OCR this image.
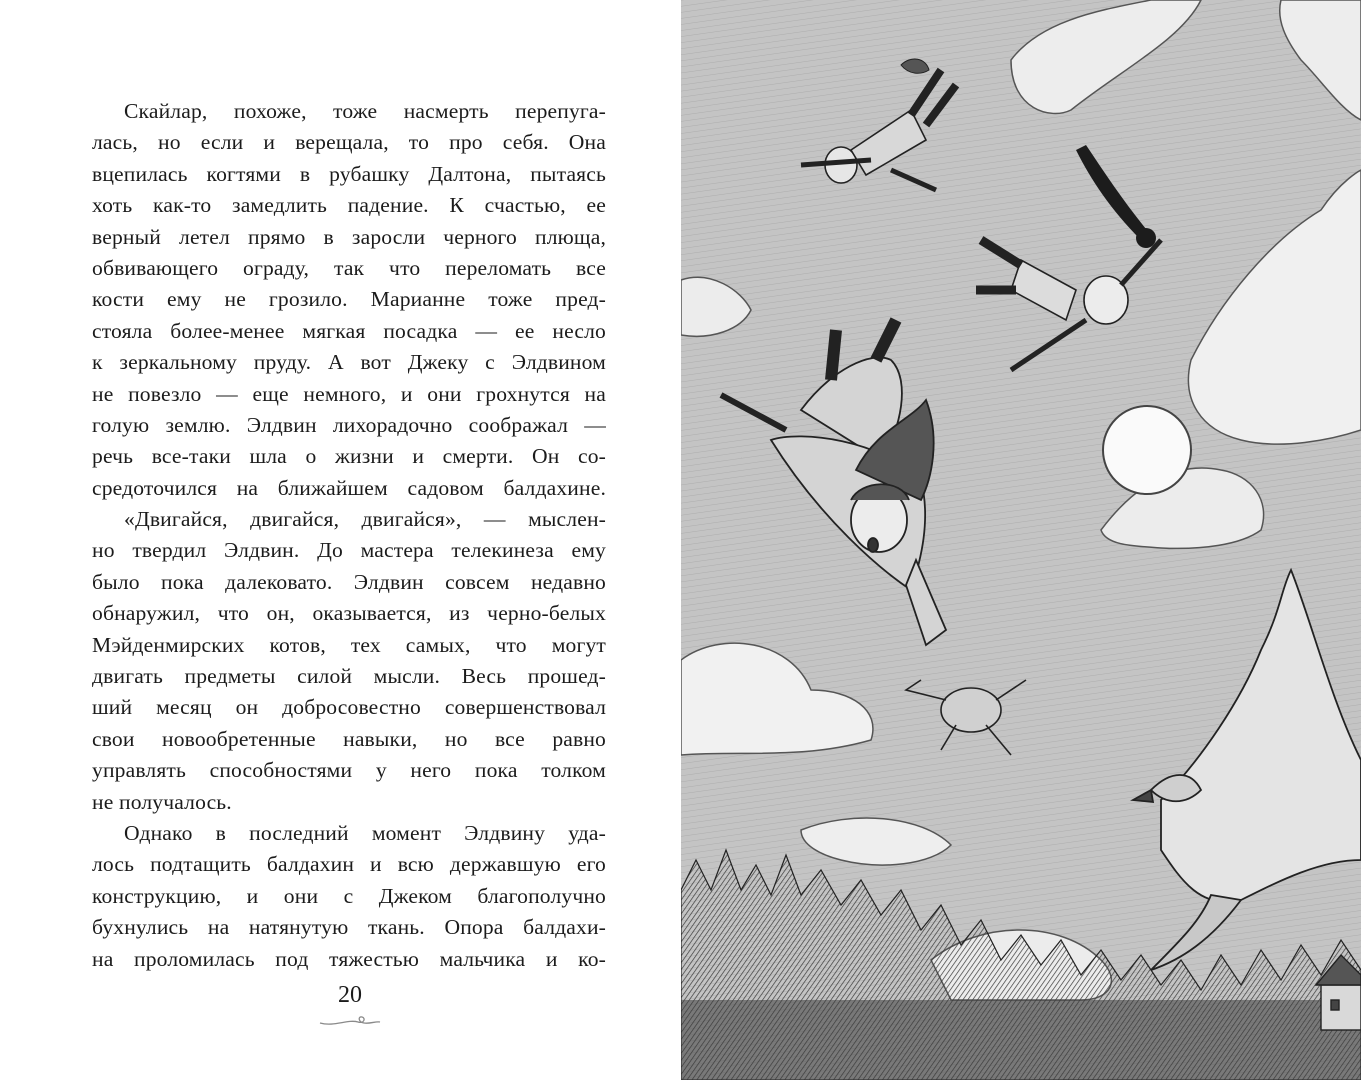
Скайлар, похоже, тоже насмерть перепуга-
лась, но если и верещала, то про себя. Она
вцепилась когтями в рубашку Далтона, пытаясь
хоть как-то замедлить падение. К счастью, ее
верный летел прямо в заросли черного плюща,
обвивающего ограду, так что переломать все
кости ему не грозило. Марианне тоже пред-
стояла более-менее мягкая посадка — ее несло
к зеркальному пруду. А вот Джеку с Элдвином
не повезло — еще немного, и они грохнутся на
голую землю. Элдвин лихорадочно соображал —
речь все-таки шла о жизни и смерти. Он со-
средоточился на ближайшем садовом балдахине.
«Двигайся, двигайся, двигайся», — мыслен-
но твердил Элдвин. До мастера телекинеза ему
было пока далековато. Элдвин совсем недавно
обнаружил, что он, оказывается, из черно-белых
Мэйденмирских котов, тех самых, что могут
двигать предметы силой мысли. Весь прошед-
ший месяц он добросовестно совершенствовал
свои новообретенные навыки, но все равно
управлять способностями у него пока толком
не получалось.
Однако в последний момент Элдвину уда-
лось подтащить балдахин и всю державшую его
конструкцию, и они с Джеком благополучно
бухнулись на натянутую ткань. Опора балдахи-
на проломилась под тяжестью мальчика и ко-
20
